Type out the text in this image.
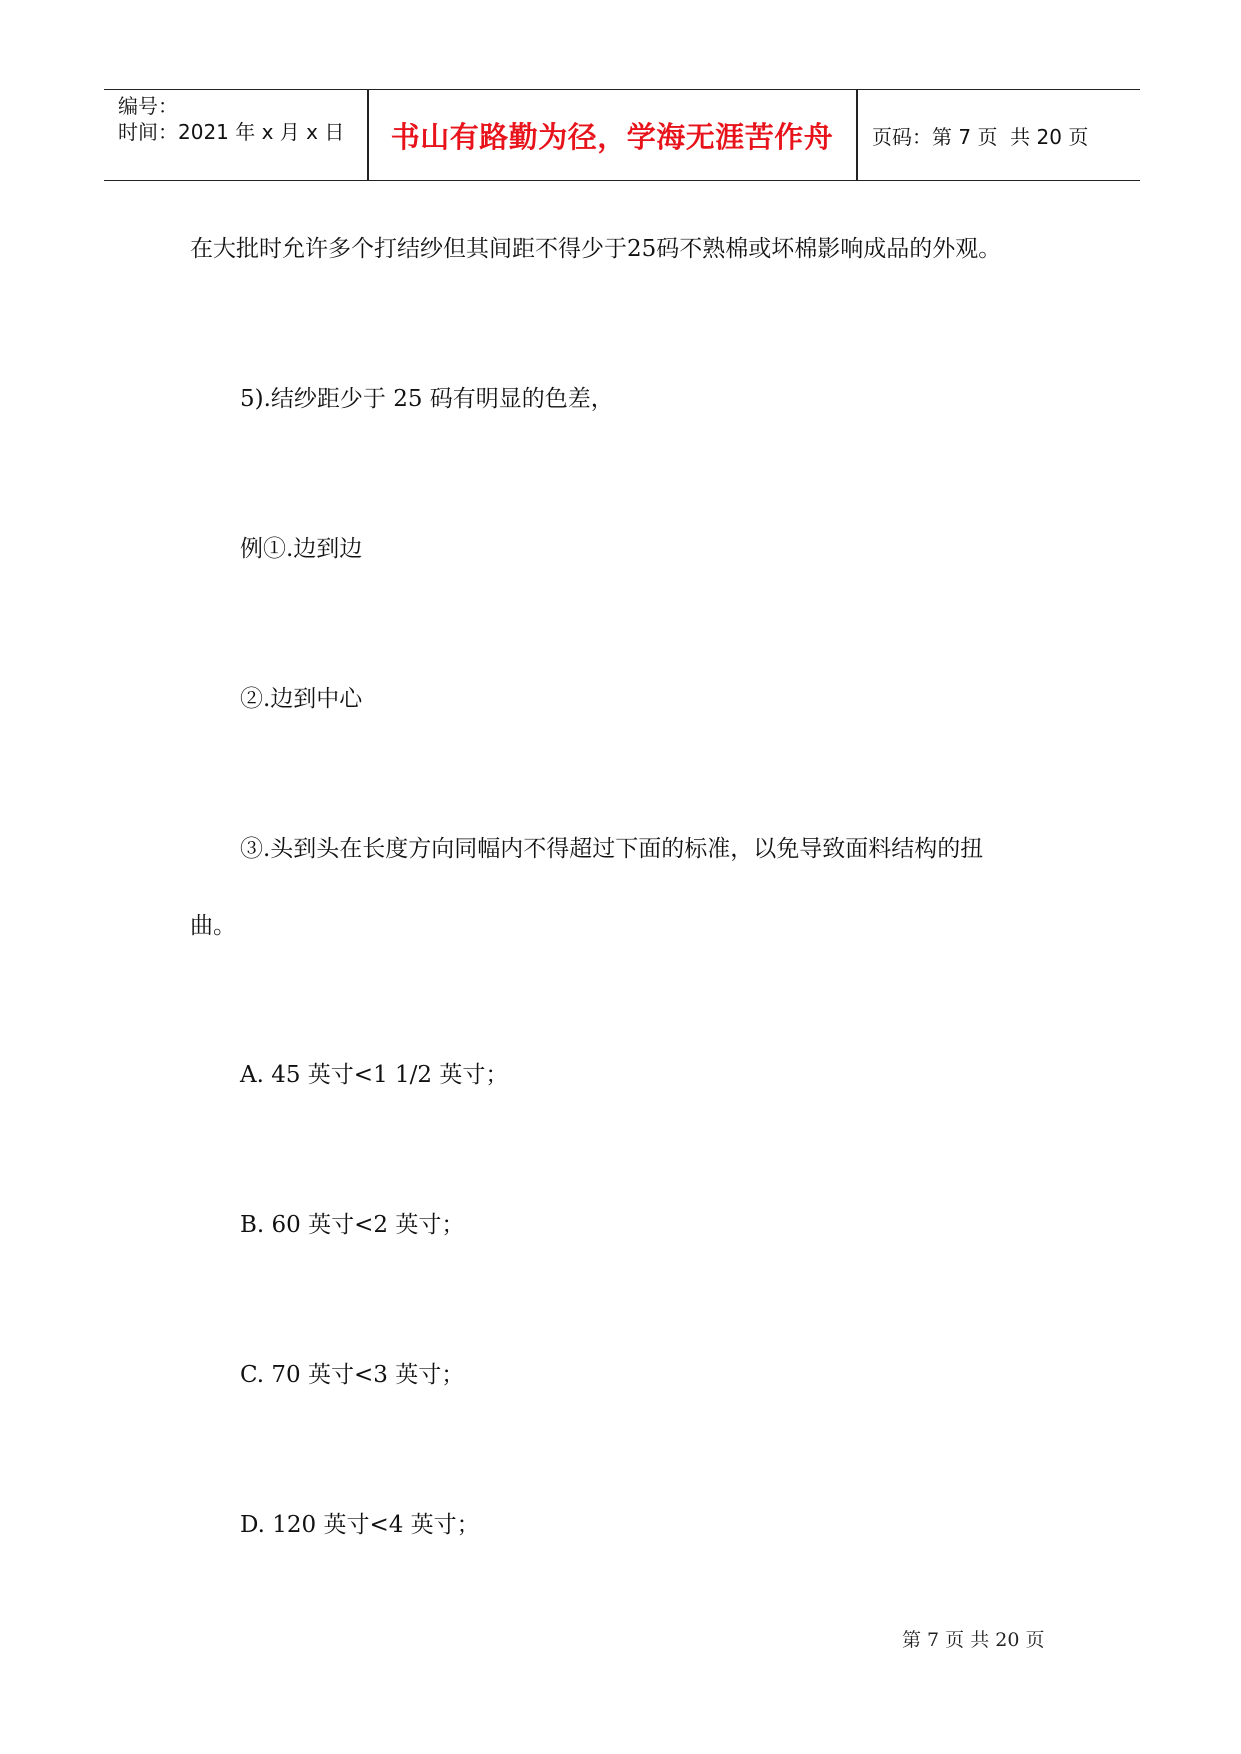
编号：
时间：2021 年 x 月 x 日 书山有路勤为径，学海无涯苦作舟 页码：第 7 页  共 20 页
在大批时允许多个打结纱但其间距不得少于25码不熟棉或坏棉影响成品的外观。
5).结纱距少于 25 码有明显的色差，
例①.边到边
②.边到中心
③.头到头在长度方向同幅内不得超过下面的标准，以免导致面料结构的扭
曲。
A. 45 英寸<1 1/2 英寸；
B. 60 英寸<2 英寸；
C. 70 英寸<3 英寸；
D. 120 英寸<4 英寸；
第 7 页 共 20 页
